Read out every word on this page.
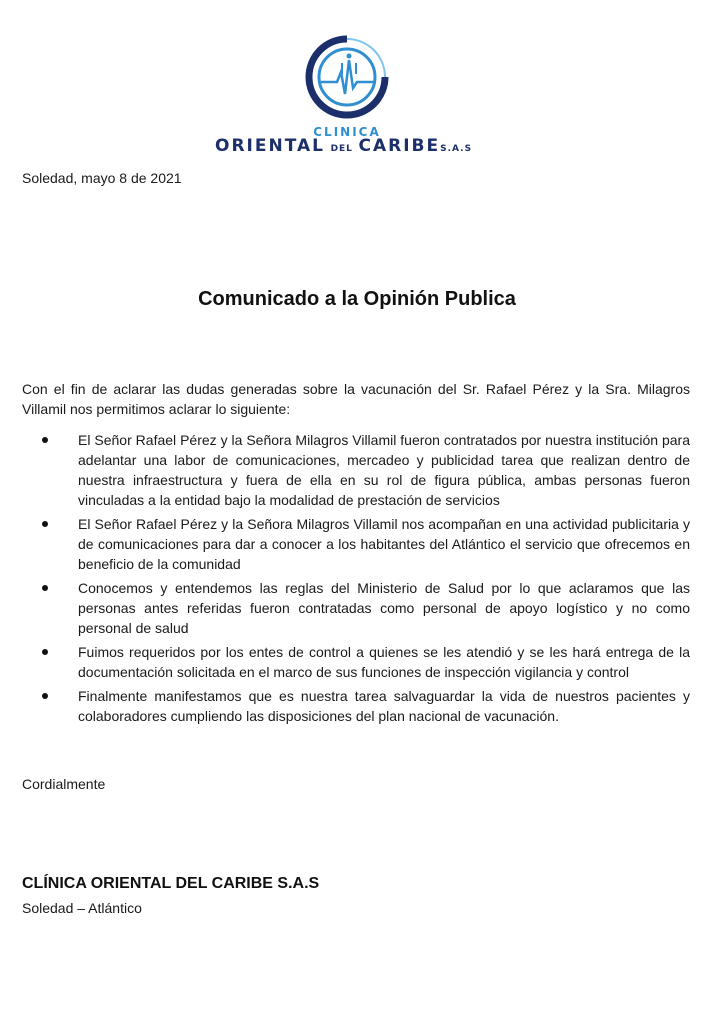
CLINICA
ORIENTAL DEL CARIBES.A.S
Soledad, mayo 8 de 2021
Comunicado a la Opinión Publica
Con el fin de aclarar las dudas generadas sobre la vacunación del Sr. Rafael Pérez y la Sra. Milagros Villamil nos permitimos aclarar lo siguiente:
El Señor Rafael Pérez y la Señora Milagros Villamil fueron contratados por nuestra institución para adelantar una labor de comunicaciones, mercadeo y publicidad tarea que realizan dentro de nuestra infraestructura y fuera de ella en su rol de figura pública, ambas personas fueron vinculadas a la entidad bajo la modalidad de prestación de servicios
El Señor Rafael Pérez y la Señora Milagros Villamil nos acompañan en una actividad publicitaria y de comunicaciones para dar a conocer a los habitantes del Atlántico el servicio que ofrecemos en beneficio de la comunidad
Conocemos y entendemos las reglas del Ministerio de Salud por lo que aclaramos que las personas antes referidas fueron contratadas como personal de apoyo logístico y no como personal de salud
Fuimos requeridos por los entes de control a quienes se les atendió y se les hará entrega de la documentación solicitada en el marco de sus funciones de inspección vigilancia y control
Finalmente manifestamos que es nuestra tarea salvaguardar la vida de nuestros pacientes y colaboradores cumpliendo las disposiciones del plan nacional de vacunación.
Cordialmente
CLÍNICA ORIENTAL DEL CARIBE S.A.S
Soledad – Atlántico
